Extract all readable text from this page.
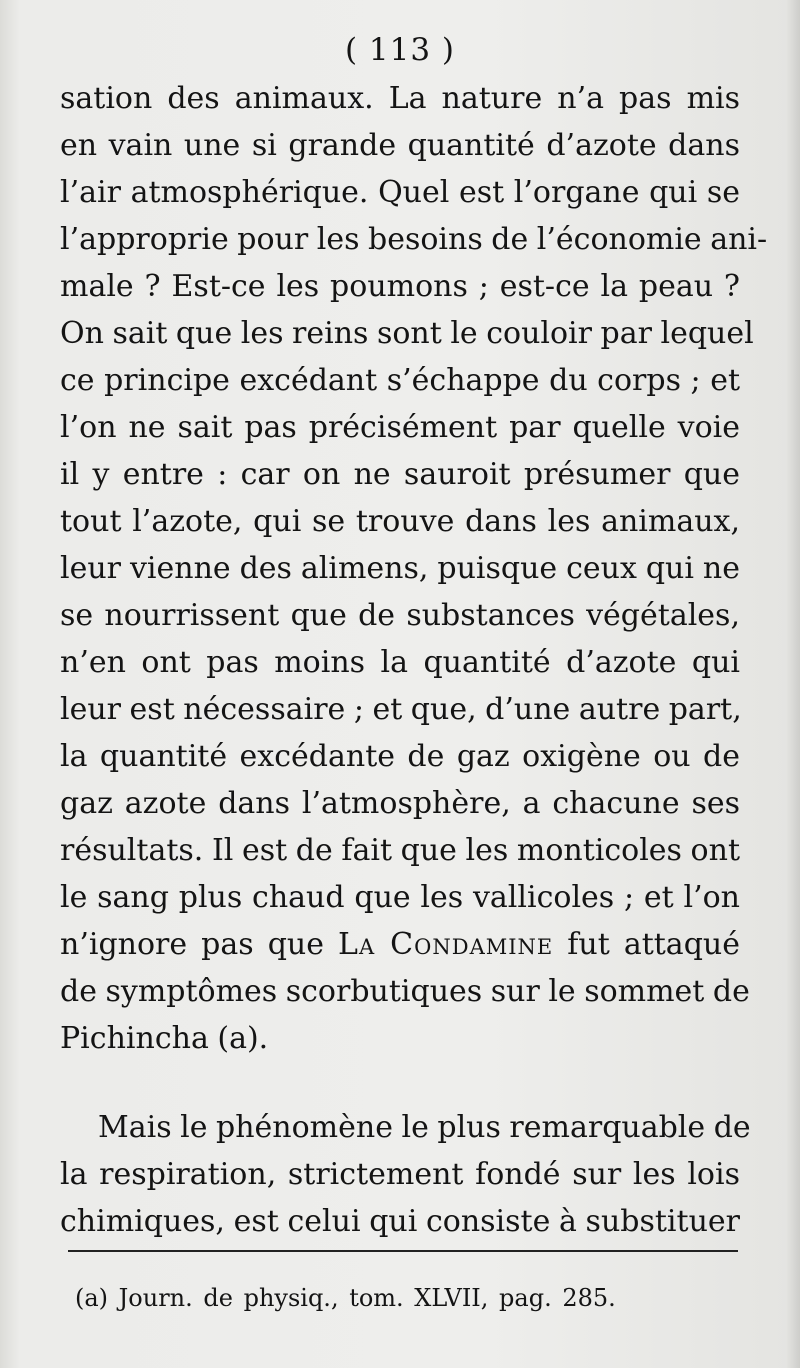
( 113 )
sation des animaux. La nature n’a pas mis
en vain une si grande quantité d’azote dans
l’air atmosphérique. Quel est l’organe qui se
l’approprie pour les besoins de l’économie ani-
male ? Est-ce les poumons ; est-ce la peau ?
On sait que les reins sont le couloir par lequel
ce principe excédant s’échappe du corps ; et
l’on ne sait pas précisément par quelle voie
il y entre : car on ne sauroit présumer que
tout l’azote, qui se trouve dans les animaux,
leur vienne des alimens, puisque ceux qui ne
se nourrissent que de substances végétales,
n’en ont pas moins la quantité d’azote qui
leur est nécessaire ; et que, d’une autre part,
la quantité excédante de gaz oxigène ou de
gaz azote dans l’atmosphère, a chacune ses
résultats. Il est de fait que les monticoles ont
le sang plus chaud que les vallicoles ; et l’on
n’ignore pas que La Condamine fut attaqué
de symptômes scorbutiques sur le sommet de
Pichincha (a).
Mais le phénomène le plus remarquable de
la respiration, strictement fondé sur les lois
chimiques, est celui qui consiste à substituer
(a) Journ. de physiq., tom. XLVII, pag. 285.
